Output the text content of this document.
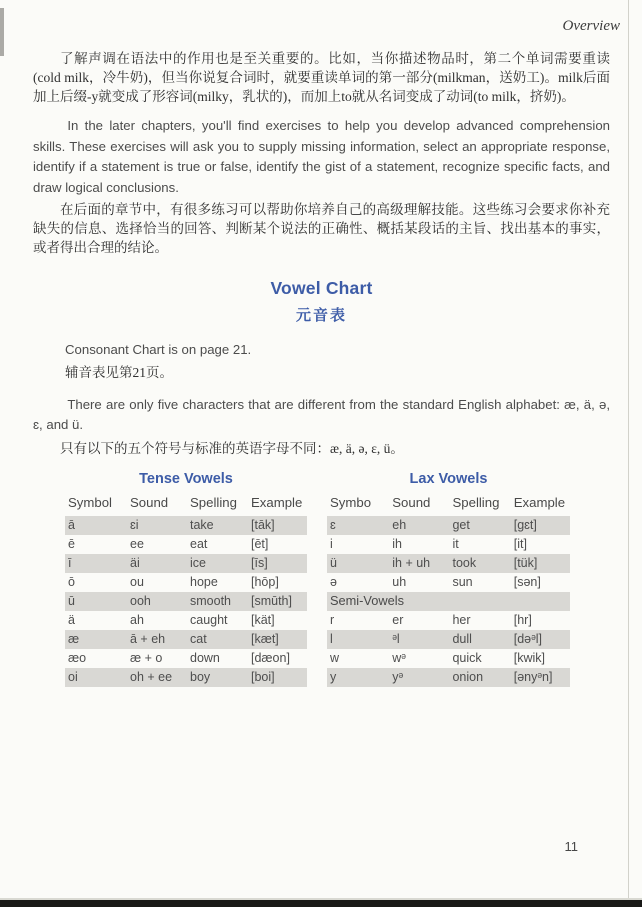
Overview

了解声调在语法中的作用也是至关重要的。比如，当你描述物品时，第二个单词需要重读(cold milk，冷牛奶)，但当你说复合词时，就要重读单词的第一部分(milkman，送奶工)。milk后面加上后缀-y就变成了形容词(milky，乳状的)，而加上to就从名词变成了动词(to milk，挤奶)。

In the later chapters, you'll find exercises to help you develop advanced comprehension skills. These exercises will ask you to supply missing information, select an appropriate response, identify if a statement is true or false, identify the gist of a statement, recognize specific facts, and draw logical conclusions.

在后面的章节中，有很多练习可以帮助你培养自己的高级理解技能。这些练习会要求你补充缺失的信息、选择恰当的回答、判断某个说法的正确性、概括某段话的主旨、找出基本的事实，或者得出合理的结论。

Vowel Chart

元音表

Consonant Chart is on page 21.

辅音表见第21页。

There are only five characters that are different from the standard English alphabet: æ, ä, ə, ɛ, and ü.

只有以下的五个符号与标准的英语字母不同：æ, ä, ə, ɛ, ü。

Tense Vowels
Symbol	Sound	Spelling	Example
ā	ɛi	take	[tāk]
ē	ee	eat	[ēt]
ī	äi	ice	[īs]
ō	ou	hope	[hōp]
ū	ooh	smooth	[smūth]
ä	ah	caught	[kät]
æ	ā + eh	cat	[kæt]
æo	æ + o	down	[dæon]
oi	oh + ee	boy	[boi]
Lax Vowels
Symbo	Sound	Spelling	Example
ɛ	eh	get	[gɛt]
i	ih	it	[it]
ü	ih + uh	took	[tük]
ə	uh	sun	[sən]
Semi-Vowels			
r	er	her	[hr]
l	ᵊl	dull	[dəᵊl]
w	wᵊ	quick	[kwik]
y	yᵊ	onion	[ənyᵊn]
11
